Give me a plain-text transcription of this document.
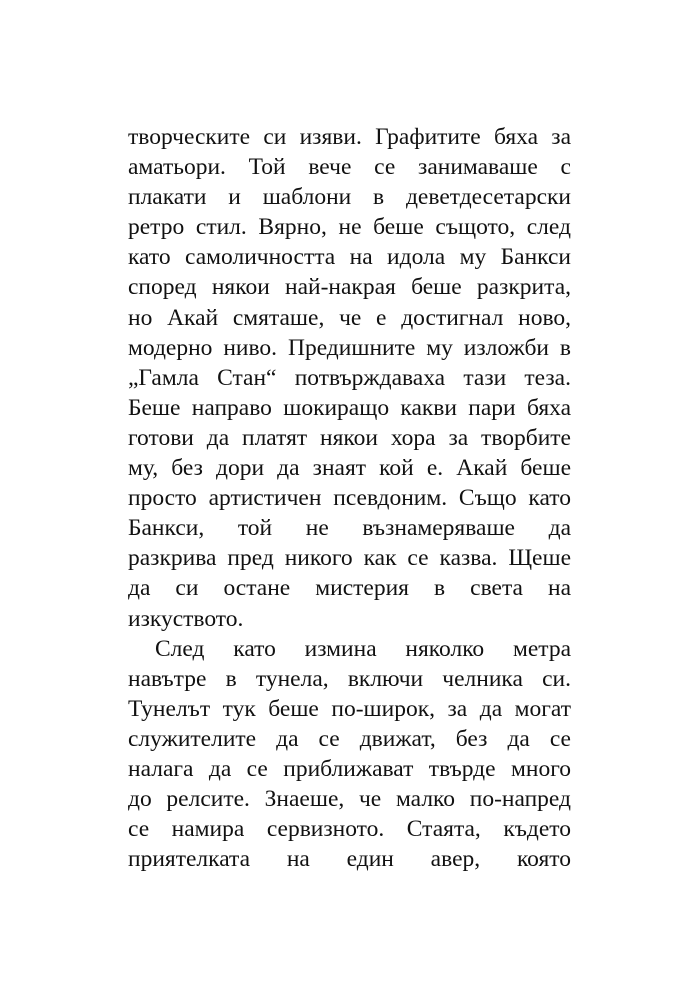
творческите си изяви. Графитите бяха за
аматьори. Той вече се занимаваше с
плакати и шаблони в деветдесетарски
ретро стил. Вярно, не беше същото, след
като самоличността на идола му Банкси
според някои най-накрая беше разкрита,
но Акай смяташе, че е достигнал ново,
модерно ниво. Предишните му изложби в
„Гамла Стан“ потвърждаваха тази теза.
Беше направо шокиращо какви пари бяха
готови да платят някои хора за творбите
му, без дори да знаят кой е. Акай беше
просто артистичен псевдоним. Също като
Банкси, той не възнамеряваше да
разкрива пред никого как се казва. Щеше
да си остане мистерия в света на
изкуството.
След като измина няколко метра
навътре в тунела, включи челника си.
Тунелът тук беше по-широк, за да могат
служителите да се движат, без да се
налага да се приближават твърде много
до релсите. Знаеше, че малко по-напред
се намира сервизното. Стаята, където
приятелката на един авер, която
